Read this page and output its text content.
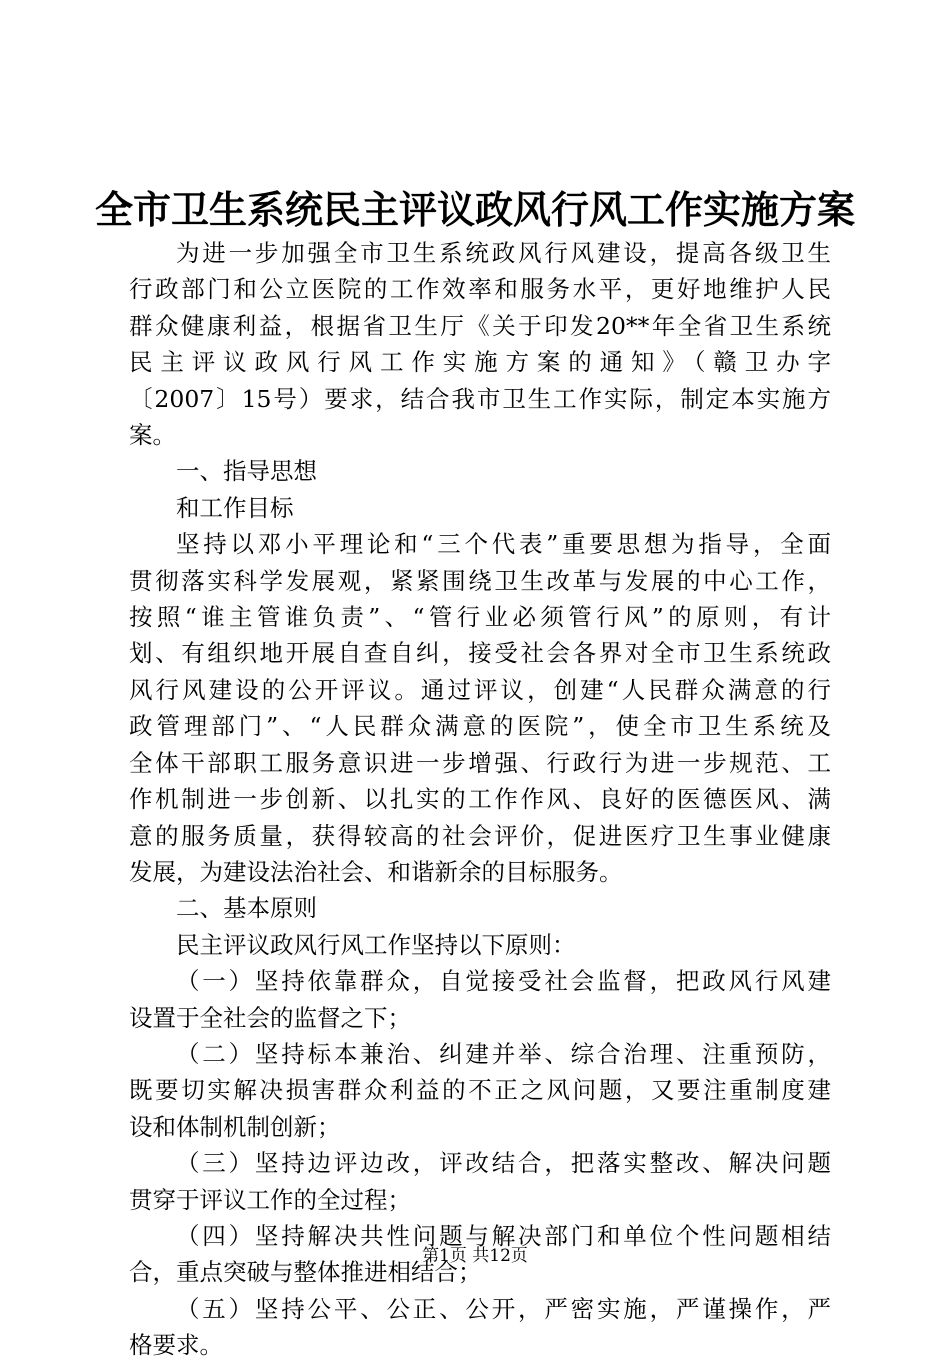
全市卫生系统民主评议政风行风工作实施方案
为进一步加强全市卫生系统政风行风建设，提高各级卫生
行政部门和公立医院的工作效率和服务水平，更好地维护人民
群众健康利益，根据省卫生厅《关于印发20**年全省卫生系统
民主评议政风行风工作实施方案的通知》（赣卫办字
〔2007〕15号）要求，结合我市卫生工作实际，制定本实施方
案。
一、指导思想
和工作目标
坚持以邓小平理论和“三个代表”重要思想为指导，全面
贯彻落实科学发展观，紧紧围绕卫生改革与发展的中心工作，
按照“谁主管谁负责”、“管行业必须管行风”的原则，有计
划、有组织地开展自查自纠，接受社会各界对全市卫生系统政
风行风建设的公开评议。通过评议，创建“人民群众满意的行
政管理部门”、“人民群众满意的医院”，使全市卫生系统及
全体干部职工服务意识进一步增强、行政行为进一步规范、工
作机制进一步创新、以扎实的工作作风、良好的医德医风、满
意的服务质量，获得较高的社会评价，促进医疗卫生事业健康
发展，为建设法治社会、和谐新余的目标服务。
二、基本原则
民主评议政风行风工作坚持以下原则：
（一）坚持依靠群众，自觉接受社会监督，把政风行风建
设置于全社会的监督之下；
（二）坚持标本兼治、纠建并举、综合治理、注重预防，
既要切实解决损害群众利益的不正之风问题，又要注重制度建
设和体制机制创新；
（三）坚持边评边改，评改结合，把落实整改、解决问题
贯穿于评议工作的全过程；
（四）坚持解决共性问题与解决部门和单位个性问题相结
合，重点突破与整体推进相结合；
（五）坚持公平、公正、公开，严密实施，严谨操作，严
格要求。
第1页 共12页
